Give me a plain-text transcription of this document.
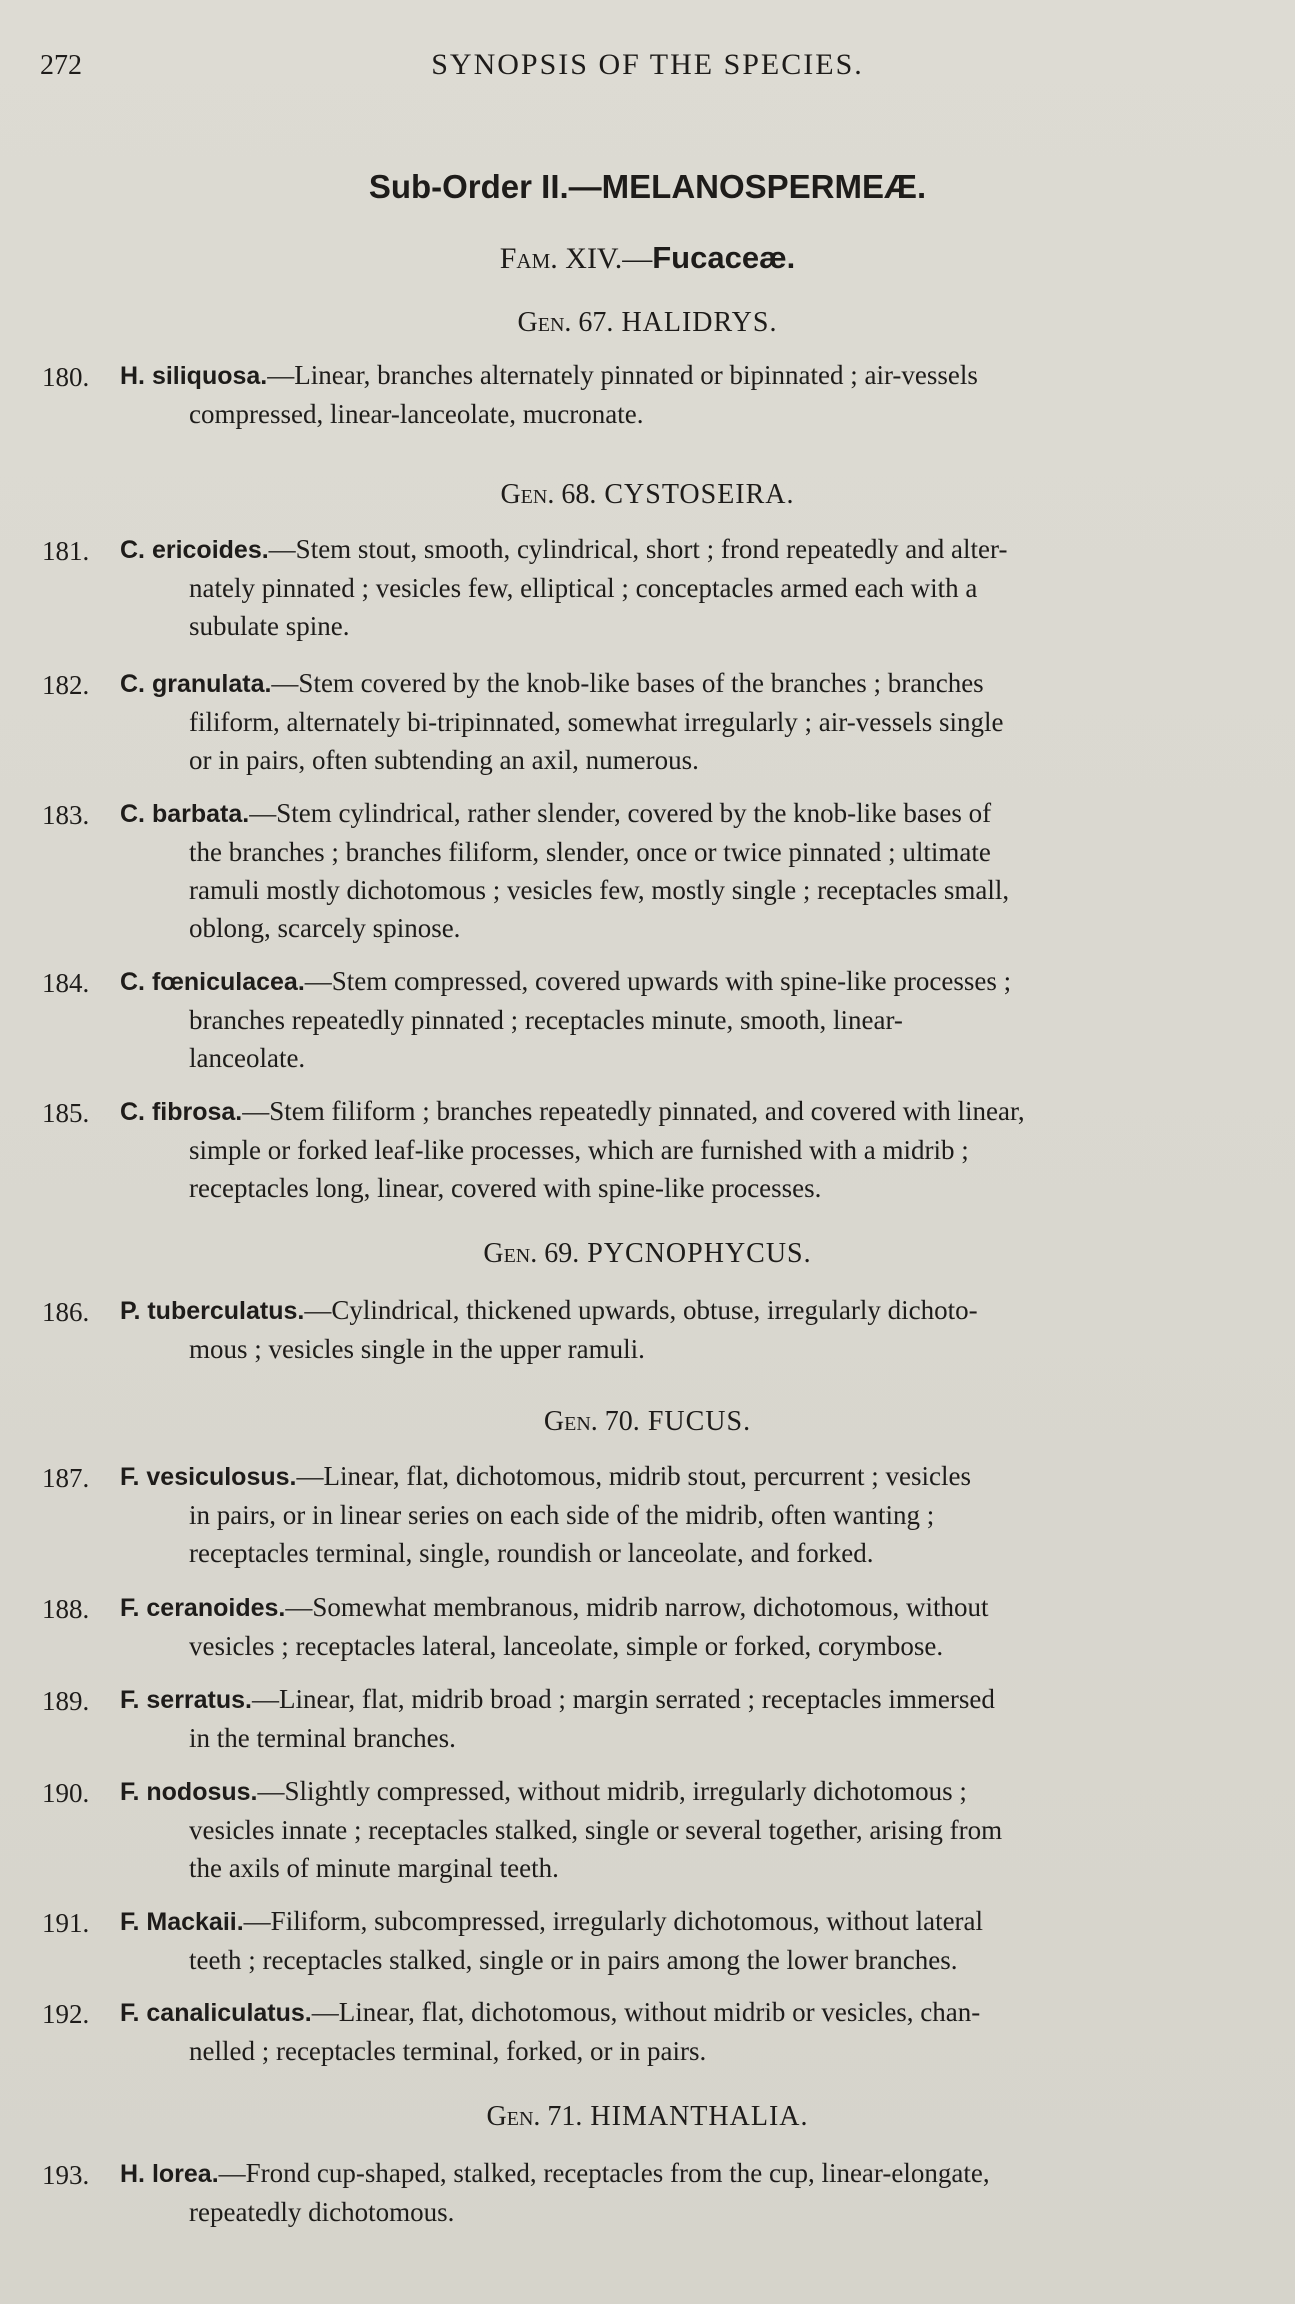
272	SYNOPSIS OF THE SPECIES.
Sub-Order II.—MELANOSPERMEÆ.
Fam. XIV.—Fucaceæ.
Gen. 67. HALIDRYS.
180. H. siliquosa.—Linear, branches alternately pinnated or bipinnated ; air-vessels
compressed, linear-lanceolate, mucronate.
Gen. 68. CYSTOSEIRA.
181. C. ericoides.—Stem stout, smooth, cylindrical, short ; frond repeatedly and alter-
nately pinnated ; vesicles few, elliptical ; conceptacles armed each with a
subulate spine.
182. C. granulata.—Stem covered by the knob-like bases of the branches ; branches
filiform, alternately bi-tripinnated, somewhat irregularly ; air-vessels single
or in pairs, often subtending an axil, numerous.
183. C. barbata.—Stem cylindrical, rather slender, covered by the knob-like bases of
the branches ; branches filiform, slender, once or twice pinnated ; ultimate
ramuli mostly dichotomous ; vesicles few, mostly single ; receptacles small,
oblong, scarcely spinose.
184. C. fœniculacea.—Stem compressed, covered upwards with spine-like processes ;
branches repeatedly pinnated ; receptacles minute, smooth, linear-
lanceolate.
185. C. fibrosa.—Stem filiform ; branches repeatedly pinnated, and covered with linear,
simple or forked leaf-like processes, which are furnished with a midrib ;
receptacles long, linear, covered with spine-like processes.
Gen. 69. PYCNOPHYCUS.
186. P. tuberculatus.—Cylindrical, thickened upwards, obtuse, irregularly dichoto-
mous ; vesicles single in the upper ramuli.
Gen. 70. FUCUS.
187. F. vesiculosus.—Linear, flat, dichotomous, midrib stout, percurrent ; vesicles
in pairs, or in linear series on each side of the midrib, often wanting ;
receptacles terminal, single, roundish or lanceolate, and forked.
188. F. ceranoides.—Somewhat membranous, midrib narrow, dichotomous, without
vesicles ; receptacles lateral, lanceolate, simple or forked, corymbose.
189. F. serratus.—Linear, flat, midrib broad ; margin serrated ; receptacles immersed
in the terminal branches.
190. F. nodosus.—Slightly compressed, without midrib, irregularly dichotomous ;
vesicles innate ; receptacles stalked, single or several together, arising from
the axils of minute marginal teeth.
191. F. Mackaii.—Filiform, subcompressed, irregularly dichotomous, without lateral
teeth ; receptacles stalked, single or in pairs among the lower branches.
192. F. canaliculatus.—Linear, flat, dichotomous, without midrib or vesicles, chan-
nelled ; receptacles terminal, forked, or in pairs.
Gen. 71. HIMANTHALIA.
193. H. lorea.—Frond cup-shaped, stalked, receptacles from the cup, linear-elongate,
repeatedly dichotomous.
